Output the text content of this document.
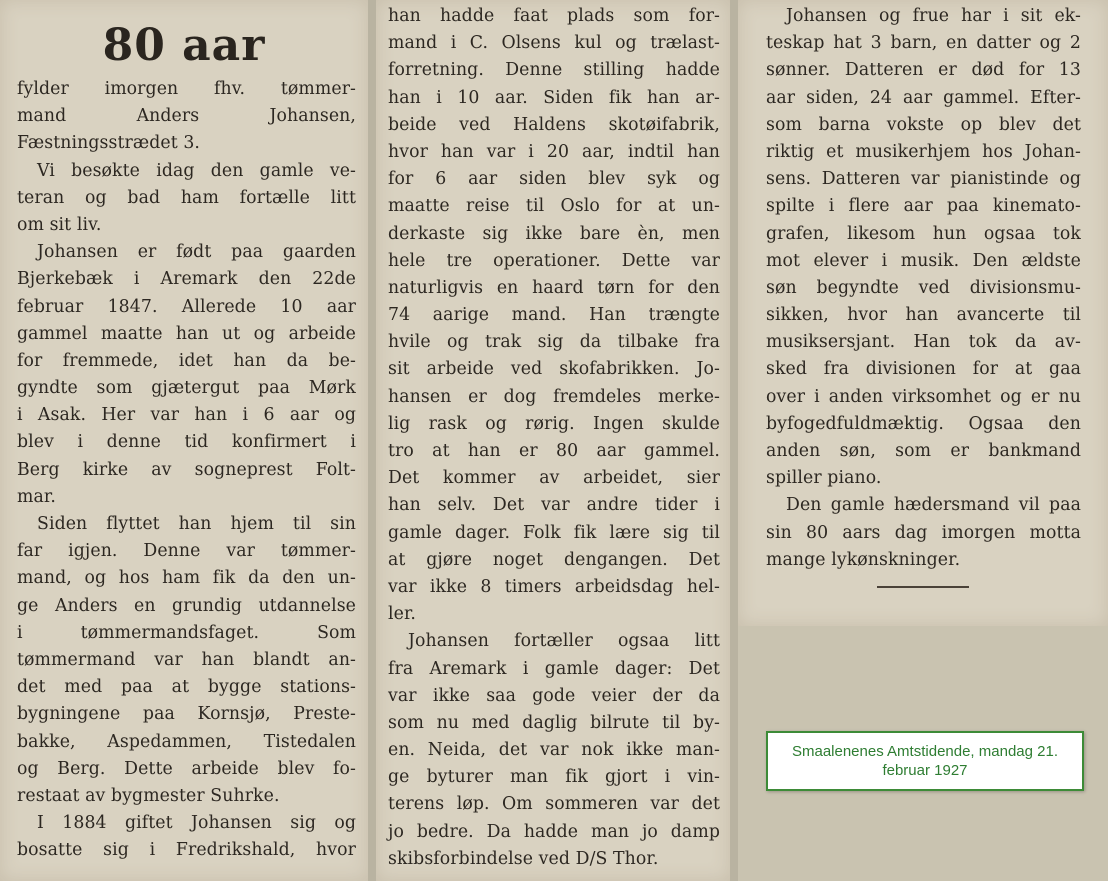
80 aar
fylder imorgen fhv. tømmer-
mand Anders Johansen,
Fæstningsstrædet 3.
Vi besøkte idag den gamle ve-
teran og bad ham fortælle litt
om sit liv.
Johansen er født paa gaarden
Bjerkebæk i Aremark den 22de
februar 1847. Allerede 10 aar
gammel maatte han ut og arbeide
for fremmede, idet han da be-
gyndte som gjætergut paa Mørk
i Asak. Her var han i 6 aar og
blev i denne tid konfirmert i
Berg kirke av sogneprest Folt-
mar.
Siden flyttet han hjem til sin
far igjen. Denne var tømmer-
mand, og hos ham fik da den un-
ge Anders en grundig utdannelse
i tømmermandsfaget. Som
tømmermand var han blandt an-
det med paa at bygge stations-
bygningene paa Kornsjø, Preste-
bakke, Aspedammen, Tistedalen
og Berg. Dette arbeide blev fo-
restaat av bygmester Suhrke.
I 1884 giftet Johansen sig og
bosatte sig i Fredrikshald, hvor
han hadde faat plads som for-
mand i C. Olsens kul og trælast-
forretning. Denne stilling hadde
han i 10 aar. Siden fik han ar-
beide ved Haldens skotøifabrik,
hvor han var i 20 aar, indtil han
for 6 aar siden blev syk og
maatte reise til Oslo for at un-
derkaste sig ikke bare èn, men
hele tre operationer. Dette var
naturligvis en haard tørn for den
74 aarige mand. Han trængte
hvile og trak sig da tilbake fra
sit arbeide ved skofabrikken. Jo-
hansen er dog fremdeles merke-
lig rask og rørig. Ingen skulde
tro at han er 80 aar gammel.
Det kommer av arbeidet, sier
han selv. Det var andre tider i
gamle dager. Folk fik lære sig til
at gjøre noget dengangen. Det
var ikke 8 timers arbeidsdag hel-
ler.
Johansen fortæller ogsaa litt
fra Aremark i gamle dager: Det
var ikke saa gode veier der da
som nu med daglig bilrute til by-
en. Neida, det var nok ikke man-
ge byturer man fik gjort i vin-
terens løp. Om sommeren var det
jo bedre. Da hadde man jo damp
skibsforbindelse ved D/S Thor.
Johansen og frue har i sit ek-
teskap hat 3 barn, en datter og 2
sønner. Datteren er død for 13
aar siden, 24 aar gammel. Efter-
som barna vokste op blev det
riktig et musikerhjem hos Johan-
sens. Datteren var pianistinde og
spilte i flere aar paa kinemato-
grafen, likesom hun ogsaa tok
mot elever i musik. Den ældste
søn begyndte ved divisionsmu-
sikken, hvor han avancerte til
musiksersjant. Han tok da av-
sked fra divisionen for at gaa
over i anden virksomhet og er nu
byfogedfuldmæktig. Ogsaa den
anden søn, som er bankmand
spiller piano.
Den gamle hædersmand vil paa
sin 80 aars dag imorgen motta
mange lykønskninger.
Smaalenenes Amtstidende, mandag 21. februar 1927
